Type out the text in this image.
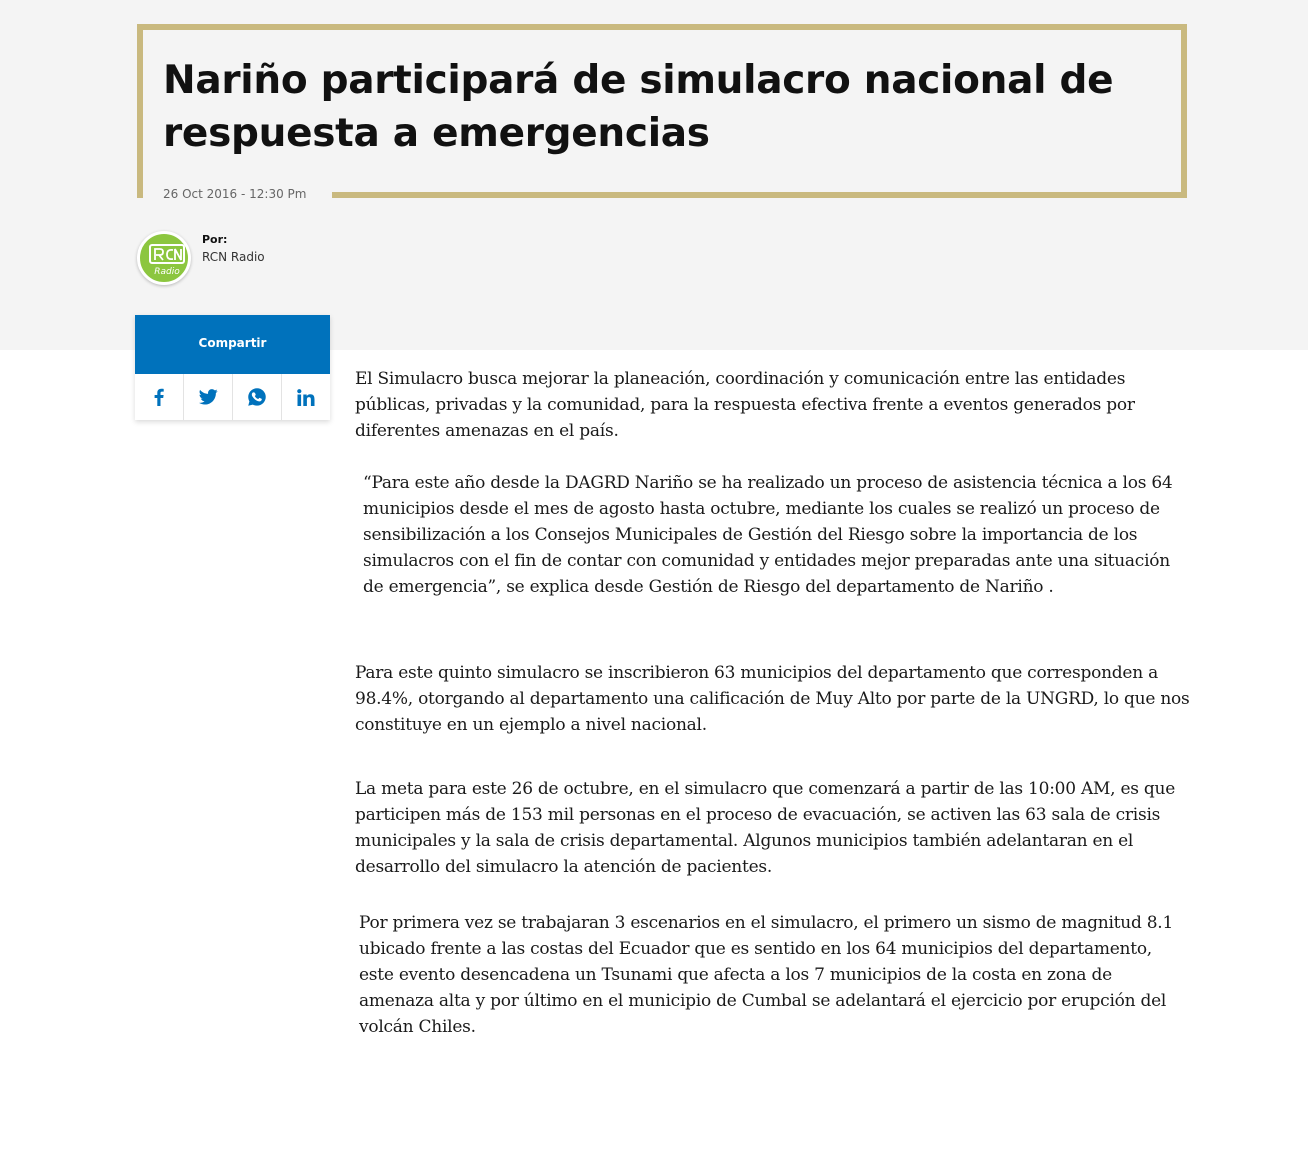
Nariño participará de simulacro nacional de respuesta a emergencias
26 Oct 2016 - 12:30 Pm
Radio
Por:
RCN Radio
Compartir

El Simulacro busca mejorar la planeación, coordinación y comunicación entre las entidades públicas, privadas y la comunidad, para la respuesta efectiva frente a eventos generados por diferentes amenazas en el país.

“Para este año desde la DAGRD Nariño se ha realizado un proceso de asistencia técnica a los 64 municipios desde el mes de agosto hasta octubre, mediante los cuales se realizó un proceso de sensibilización a los Consejos Municipales de Gestión del Riesgo sobre la importancia de los simulacros con el fin de contar con comunidad y entidades mejor preparadas ante una situación de emergencia”, se explica desde Gestión de Riesgo del departamento de Nariño .

Para este quinto simulacro se inscribieron 63 municipios del departamento que corresponden a 98.4%, otorgando al departamento una calificación de Muy Alto por parte de la UNGRD, lo que nos constituye en un ejemplo a nivel nacional.

La meta para este 26 de octubre, en el simulacro que comenzará a partir de las 10:00 AM, es que participen más de 153 mil personas en el proceso de evacuación, se activen las 63 sala de crisis municipales y la sala de crisis departamental. Algunos municipios también adelantaran en el desarrollo del simulacro la atención de pacientes.

Por primera vez se trabajaran 3 escenarios en el simulacro, el primero un sismo de magnitud 8.1 ubicado frente a las costas del Ecuador que es sentido en los 64 municipios del departamento, este evento desencadena un Tsunami que afecta a los 7 municipios de la costa en zona de amenaza alta y por último en el municipio de Cumbal se adelantará el ejercicio por erupción del volcán Chiles.
